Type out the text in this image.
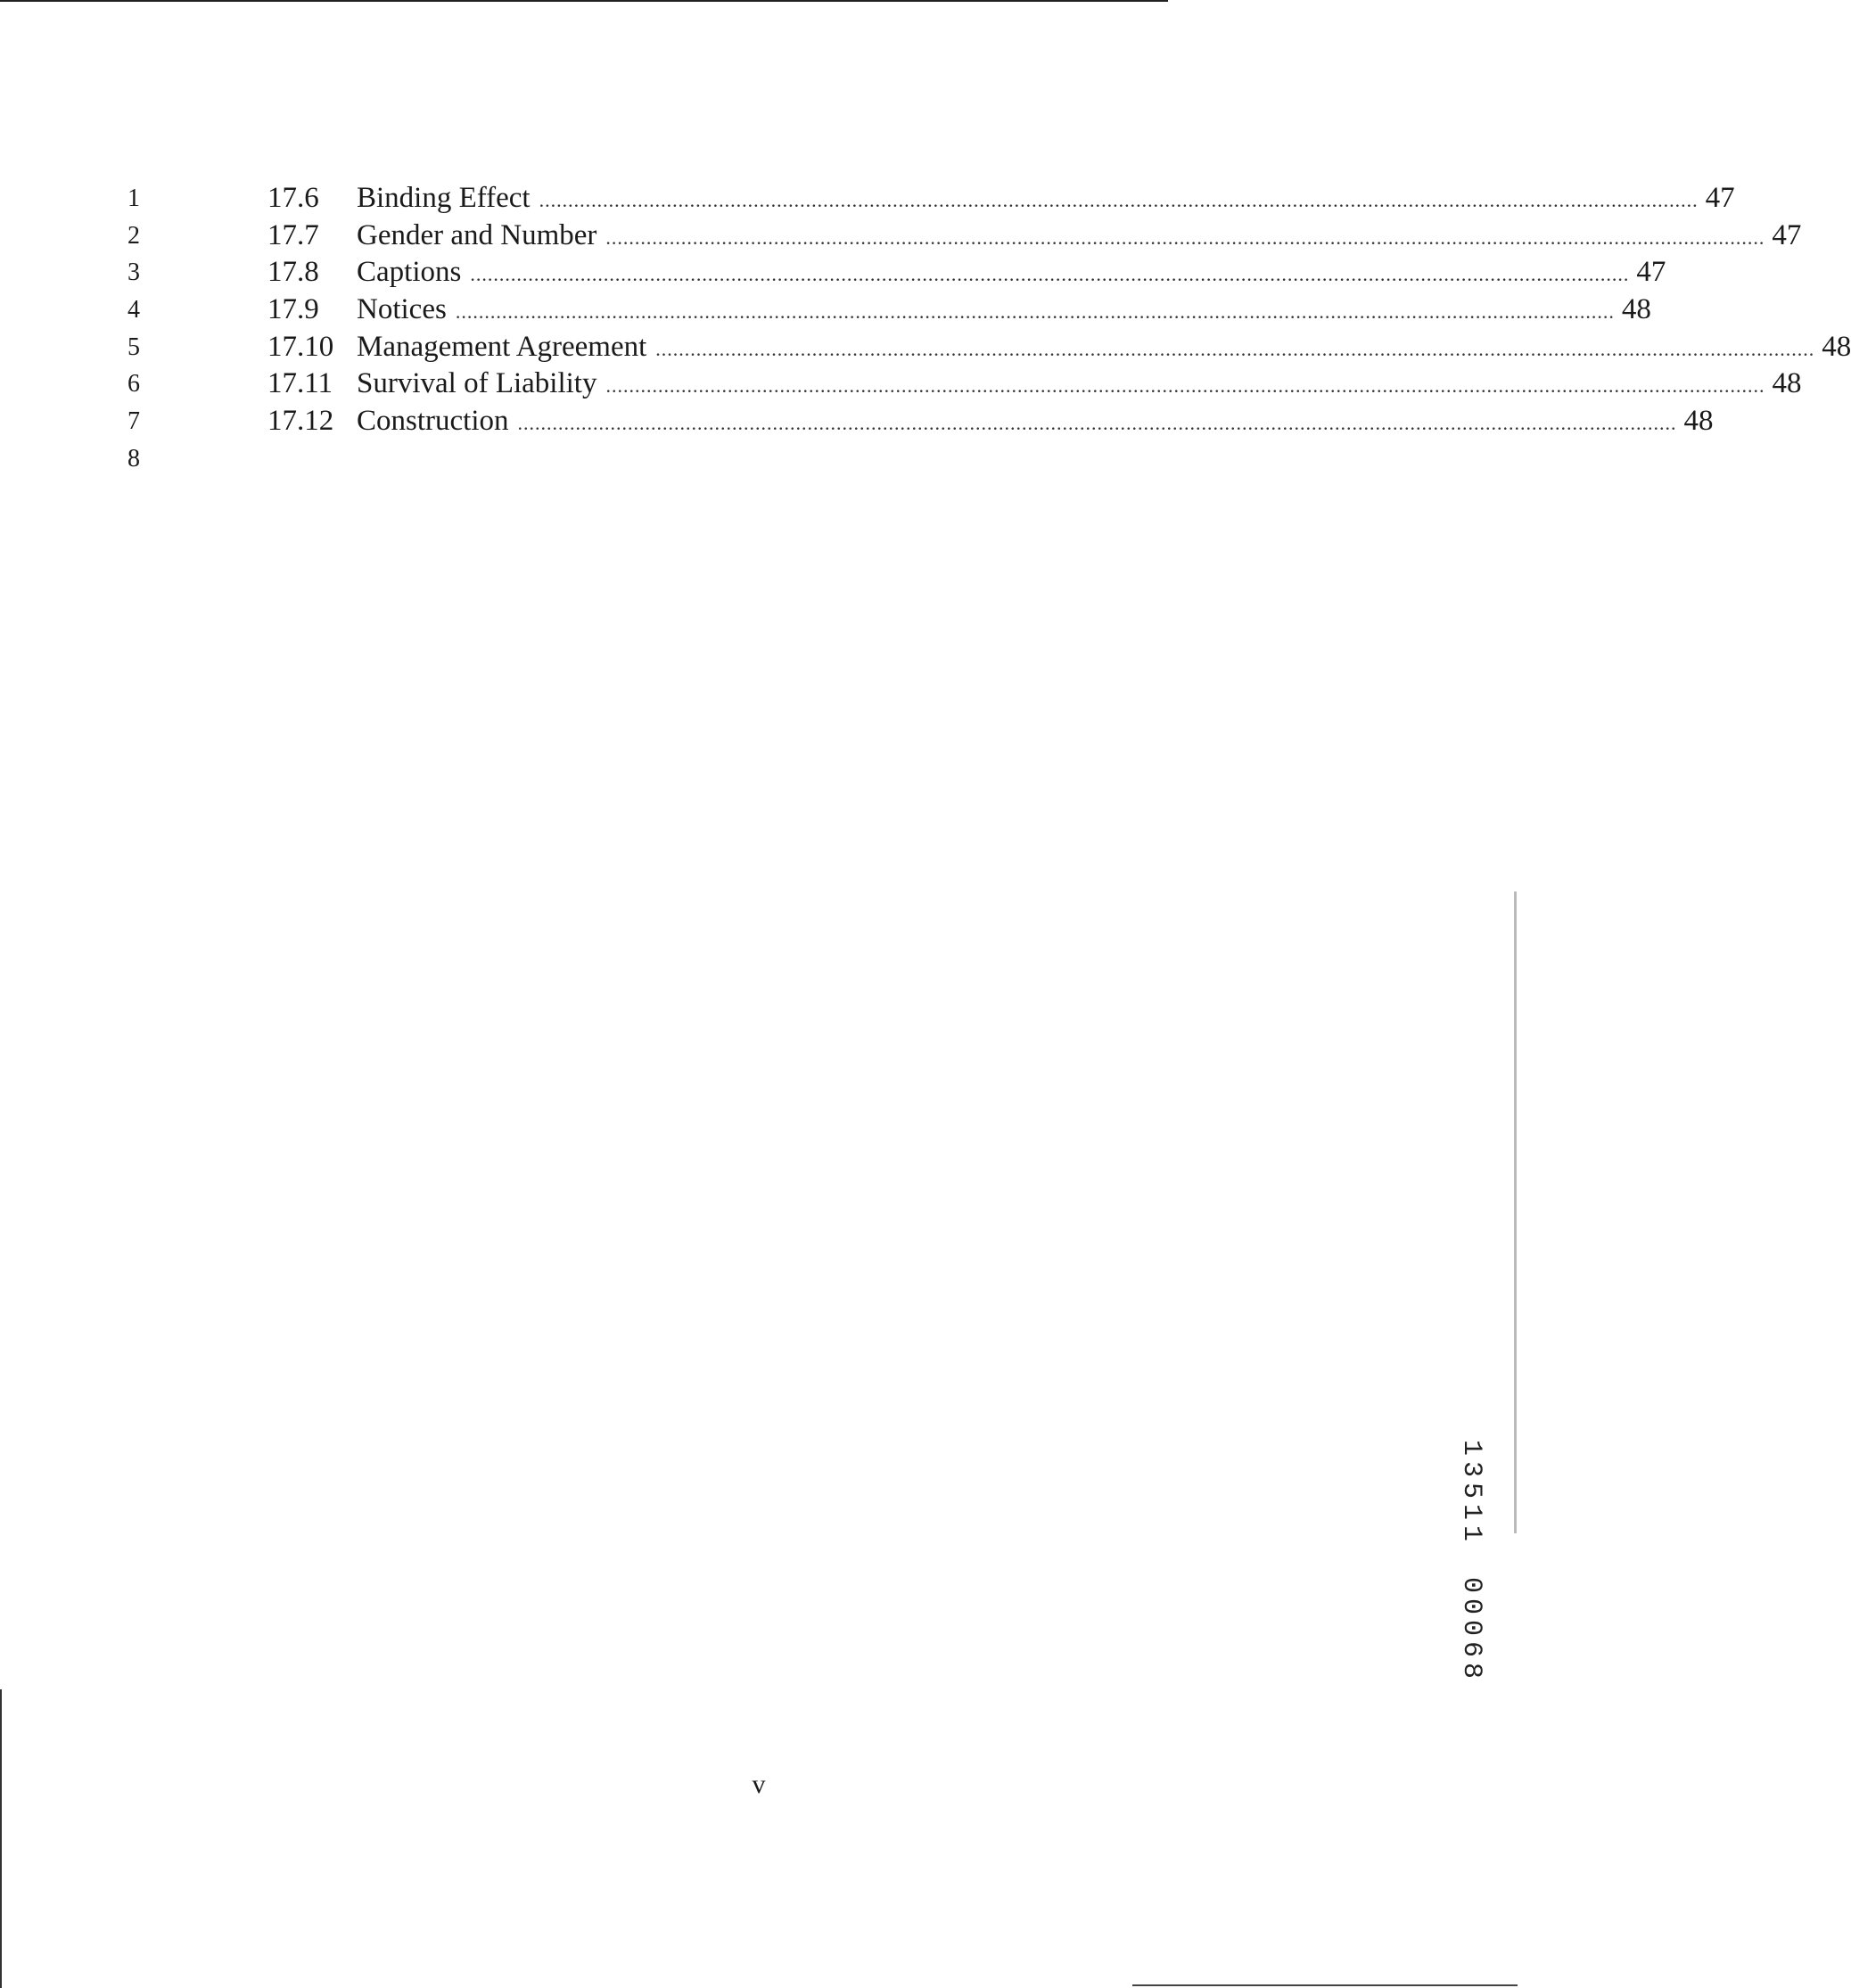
1
2
3
4
5
6
7
8
17.6	Binding Effect ........................................................................................................................................................................................................ 47
17.7	Gender and Number ........................................................................................................................................................................................................ 47
17.8	Captions ........................................................................................................................................................................................................ 47
17.9	Notices ........................................................................................................................................................................................................ 48
17.10 Management Agreement ........................................................................................................................................................................................................ 48
17.11 Survival of Liability ........................................................................................................................................................................................................ 48
17.12 Construction ........................................................................................................................................................................................................ 48
v
1
3
5
1
1
0
0
0
6
8
